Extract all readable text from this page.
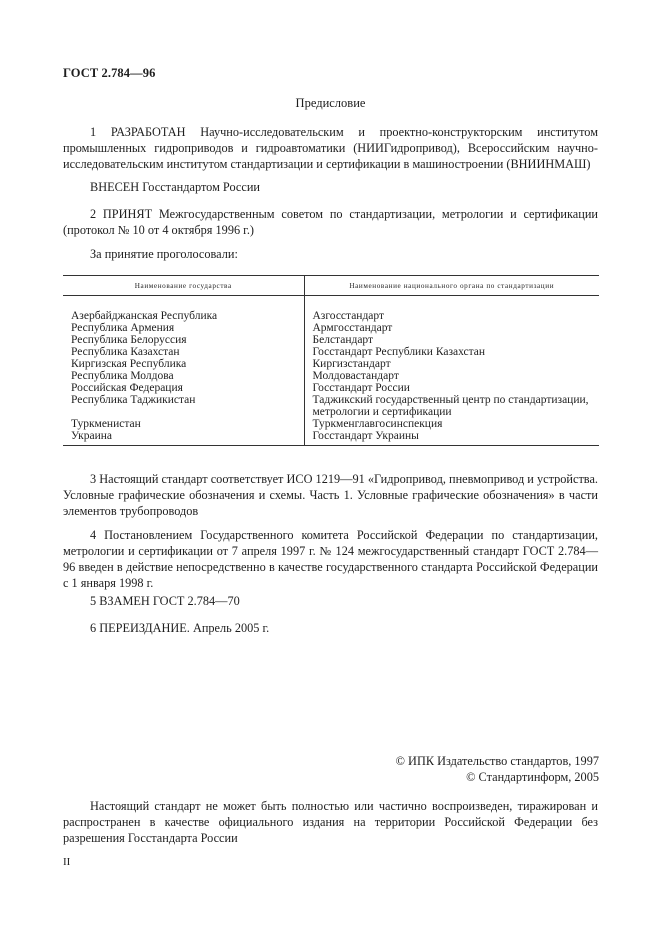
ГОСТ 2.784—96
Предисловие
1 РАЗРАБОТАН Научно-исследовательским и проектно-конструкторским институтом промышленных гидроприводов и гидроавтоматики (НИИГидропривод), Всероссийским научно-исследовательским институтом стандартизации и сертификации в машиностроении (ВНИИНМАШ)
ВНЕСЕН Госстандартом России
2 ПРИНЯТ Межгосударственным советом по стандартизации, метрологии и сертификации (протокол № 10 от 4 октября 1996 г.)
За принятие проголосовали:
Наименование государства	Наименование национального органа по стандартизации

Азербайджанская Республика	Азгосстандарт
Республика Армения	Армгосстандарт
Республика Белоруссия	Белстандарт
Республика Казахстан	Госстандарт Республики Казахстан
Киргизская Республика	Киргизстандарт
Республика Молдова	Молдовастандарт
Российская Федерация	Госстандарт России
Республика Таджикистан	Таджикский государственный центр по стандартизации,
метрологии и сертификации

Туркменистан	Туркменглавгосинспекция
Украина	Госстандарт Украины
3 Настоящий стандарт соответствует ИСО 1219—91 «Гидропривод, пневмопривод и устройства. Условные графические обозначения и схемы. Часть 1. Условные графические обозначения» в части элементов трубопроводов
4 Постановлением Государственного комитета Российской Федерации по стандартизации, метрологии и сертификации от 7 апреля 1997 г. № 124 межгосударственный стандарт ГОСТ 2.784—96 введен в действие непосредственно в качестве государственного стандарта Российской Федерации с 1 января 1998 г.
5 ВЗАМЕН ГОСТ 2.784—70
6 ПЕРЕИЗДАНИЕ. Апрель 2005 г.
© ИПК Издательство стандартов, 1997
© Стандартинформ, 2005
Настоящий стандарт не может быть полностью или частично воспроизведен, тиражирован и распространен в качестве официального издания на территории Российской Федерации без разрешения Госстандарта России
II
